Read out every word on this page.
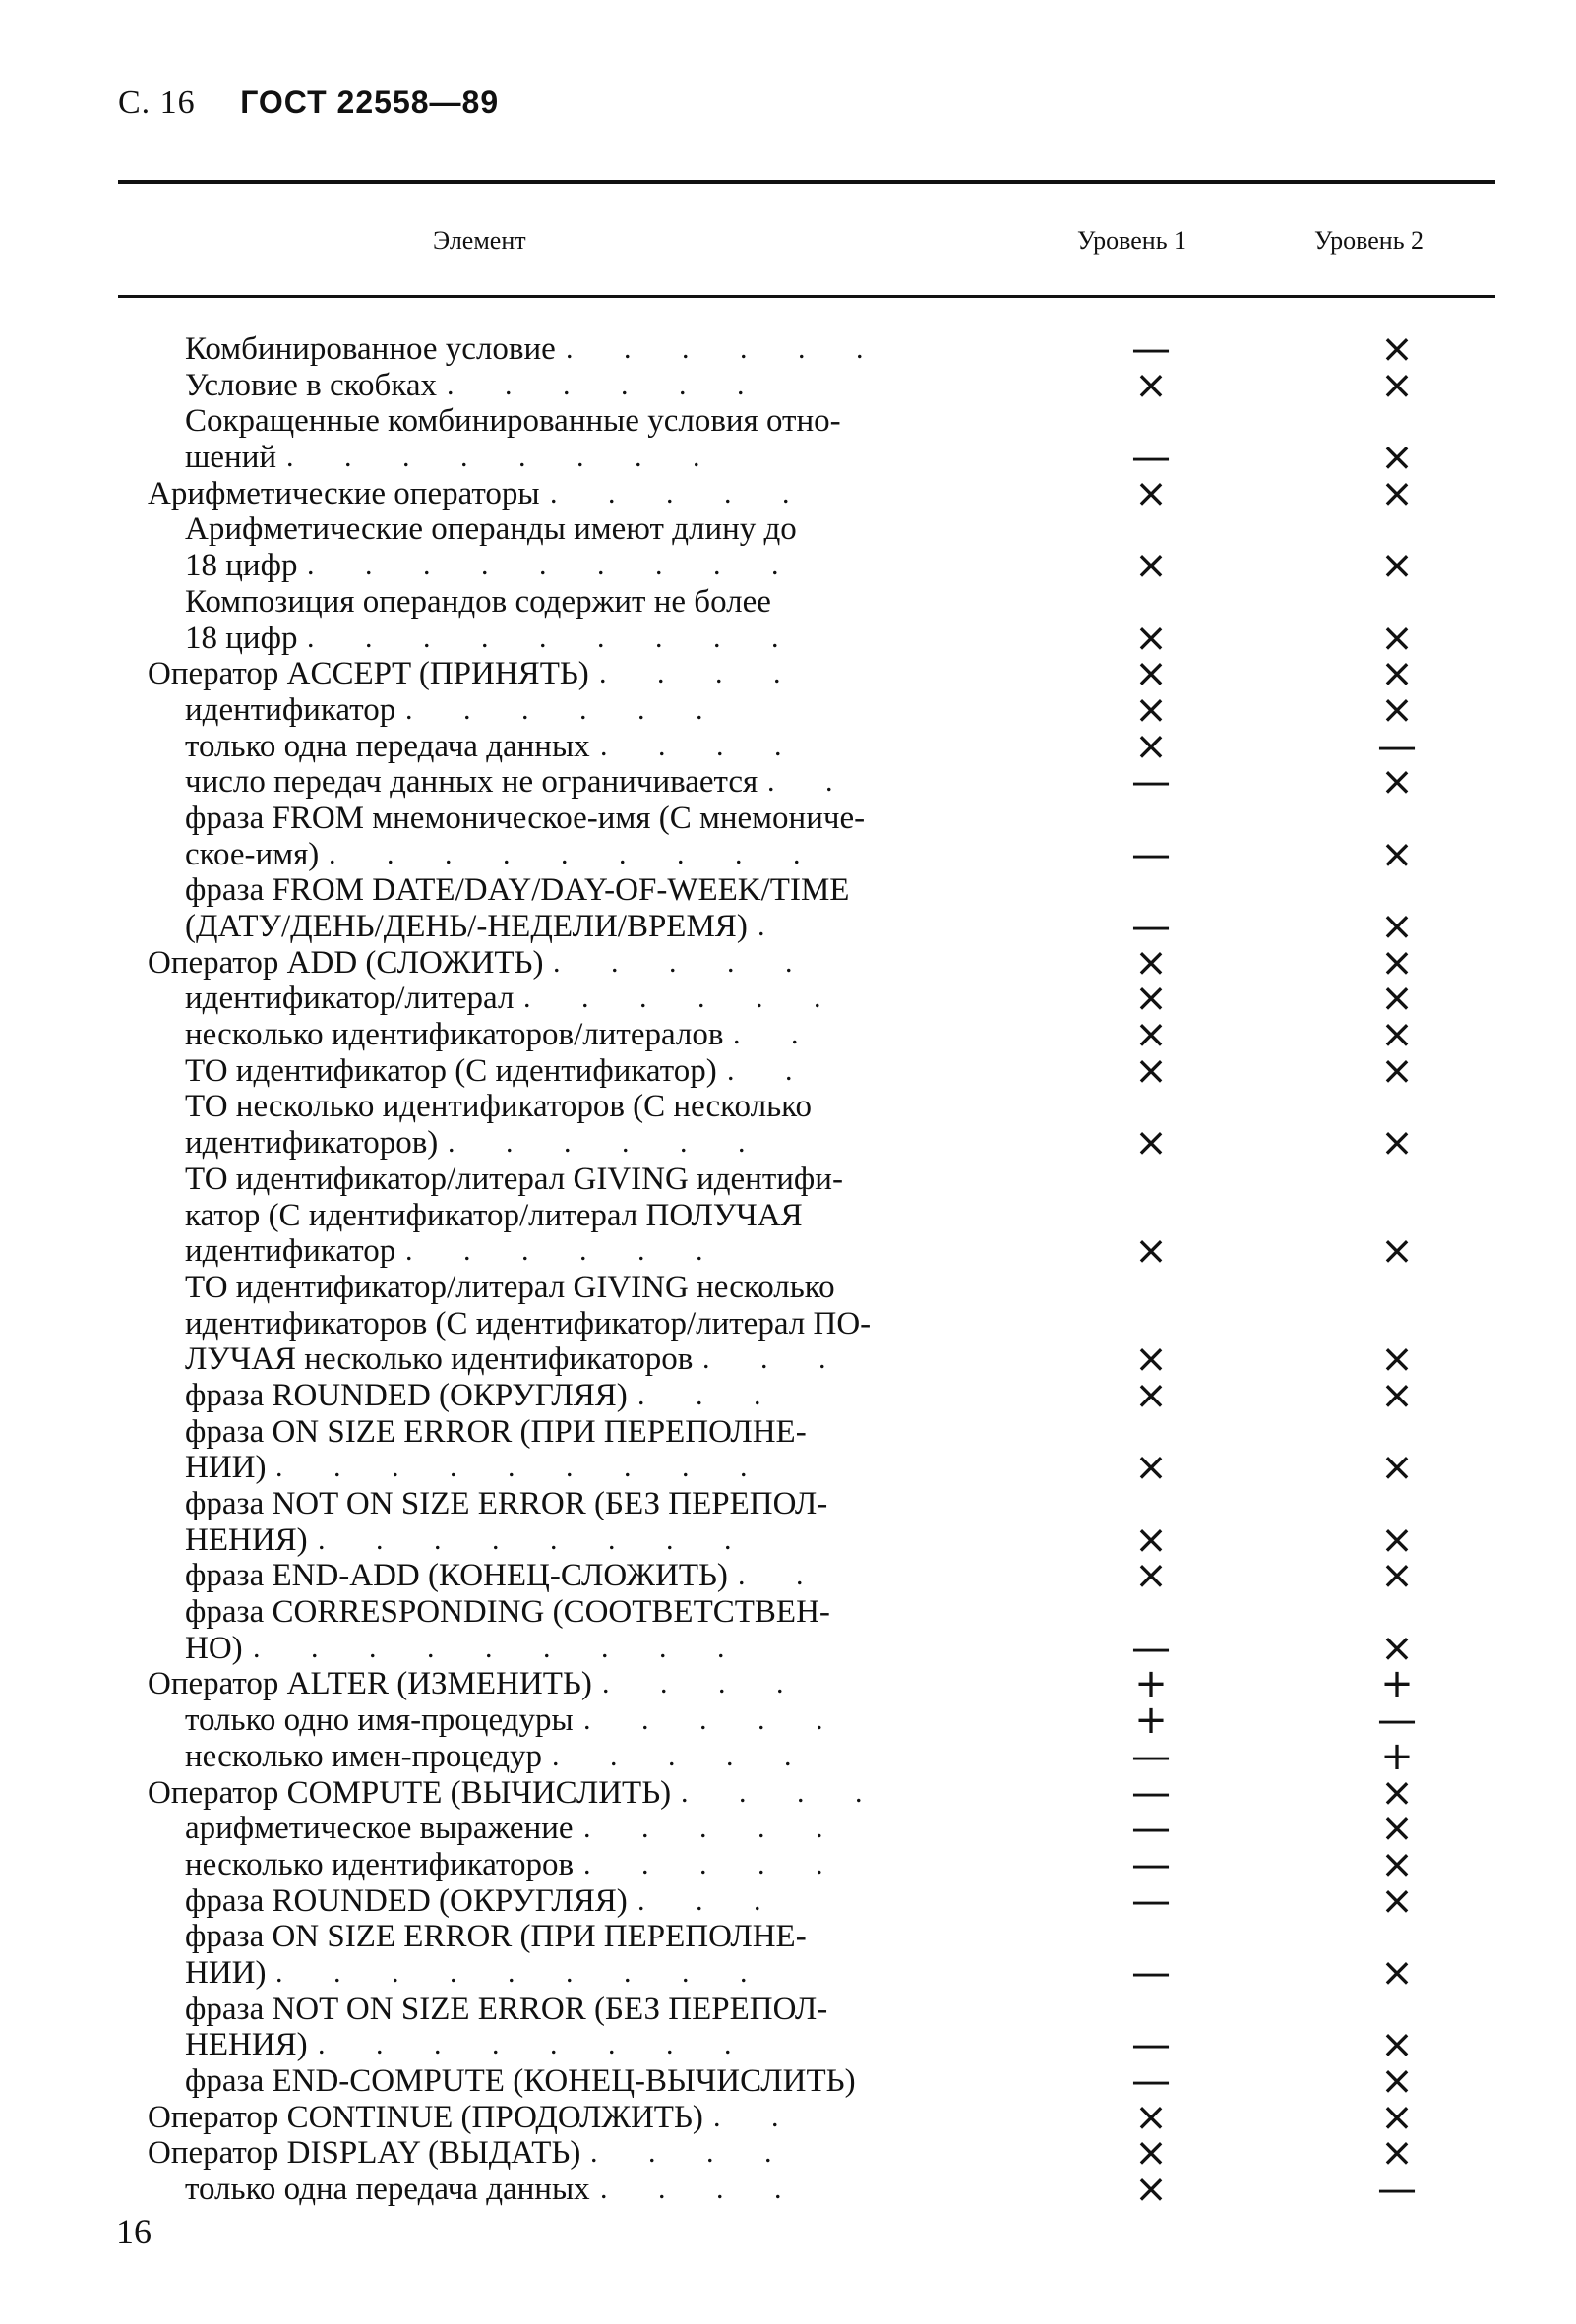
С. 16 ГОСТ 22558—89
Элемент	Уровень 1	Уровень 2
Комбинированное условие . . . . . .	—	×
Условие в скобках . . . . . .	×	×
Сокращенные комбинированные условия отно-
шений . . . . . . . .	—	×
Арифметические операторы . . . . .	×	×
Арифметические операнды имеют длину до
18 цифр . . . . . . . . .	×	×
Композиция операндов содержит не более
18 цифр . . . . . . . . .	×	×
Оператор ACCEPT (ПРИНЯТЬ) . . . .	×	×
идентификатор . . . . . .	×	×
только одна передача данных . . . .	×	—
число передач данных не ограничивается . .	—	×
фраза FROM мнемоническое-имя (С мнемониче-
ское-имя) . . . . . . . . .	—	×
фраза FROM DATE/DAY/DAY-OF-WEEK/TIME
(ДАТУ/ДЕНЬ/ДЕНЬ/-НЕДЕЛИ/ВРЕМЯ) .	—	×
Оператор ADD (СЛОЖИТЬ) . . . . .	×	×
идентификатор/литерал . . . . . .	×	×
несколько идентификаторов/литералов . .	×	×
ТО идентификатор (С идентификатор) . .	×	×
ТО несколько идентификаторов (С несколько
идентификаторов) . . . . . .	×	×
ТО идентификатор/литерал GIVING идентифи-
катор (С идентификатор/литерал ПОЛУЧАЯ
идентификатор . . . . . .	×	×
ТО идентификатор/литерал GIVING несколько
идентификаторов (С идентификатор/литерал ПО-
ЛУЧАЯ несколько идентификаторов . . .	×	×
фраза ROUNDED (ОКРУГЛЯЯ) . . .	×	×
фраза ON SIZE ERROR (ПРИ ПЕРЕПОЛНЕ-
НИИ) . . . . . . . . .	×	×
фраза NOT ON SIZE ERROR (БЕЗ ПЕРЕПОЛ-
НЕНИЯ) . . . . . . . .	×	×
фраза END-ADD (КОНЕЦ-СЛОЖИТЬ) . .	×	×
фраза CORRESPONDING (СООТВЕТСТВЕН-
НО) . . . . . . . . .	—	×
Оператор ALTER (ИЗМЕНИТЬ) . . . .	+	+
только одно имя-процедуры . . . . .	+	—
несколько имен-процедур . . . . .	—	+
Оператор COMPUTE (ВЫЧИСЛИТЬ) . . . .	—	×
арифметическое выражение . . . . .	—	×
несколько идентификаторов . . . . .	—	×
фраза ROUNDED (ОКРУГЛЯЯ) . . .	—	×
фраза ON SIZE ERROR (ПРИ ПЕРЕПОЛНЕ-
НИИ) . . . . . . . . .	—	×
фраза NOT ON SIZE ERROR (БЕЗ ПЕРЕПОЛ-
НЕНИЯ) . . . . . . . .	—	×
фраза END-COMPUTE (КОНЕЦ-ВЫЧИСЛИТЬ)	—	×
Оператор CONTINUE (ПРОДОЛЖИТЬ) . .	×	×
Оператор DISPLAY (ВЫДАТЬ) . . . .	×	×
только одна передача данных . . . .	×	—
16
